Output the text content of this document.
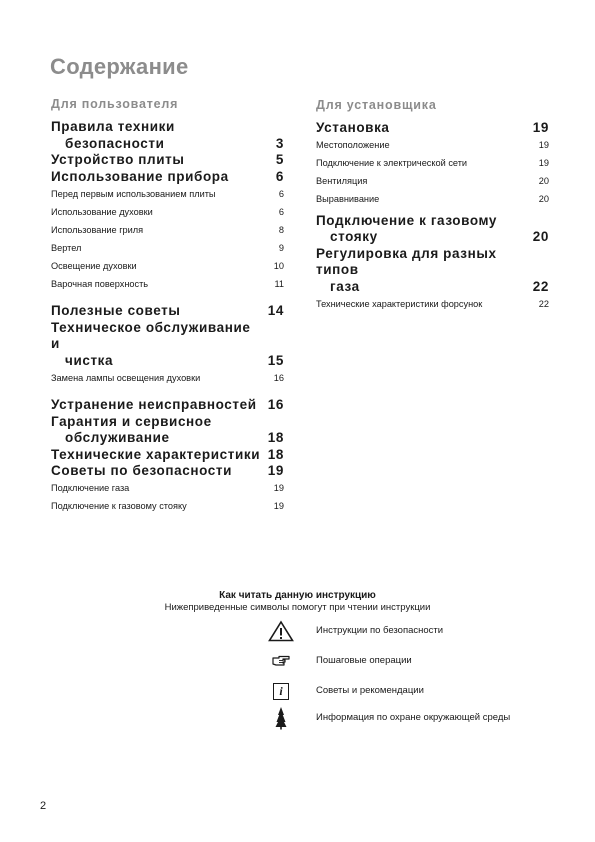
Содержание
Для пользователя
Правила техники
безопасности	3
Устройство плиты	5
Использование прибора	6
Перед первым использованием плиты	6
Использование духовки	6
Использование гриля	8
Вертел	9
Освещение духовки	10
Варочная поверхность	11
Полезные советы	14
Техническое обслуживание и
чистка	15
Замена лампы освещения духовки	16
Устранение неисправностей 16
Гарантия и сервисное
обслуживание	18
Технические характеристики 18
Советы по безопасности	19
Подключение газа	19
Подключение к газовому стояку	19
Для установщика
Установка	19
Местоположение	19
Подключение к электрической сети	19
Вентиляция	20
Выравнивание	20
Подключение к газовому
стояку	20
Регулировка для разных типов
газа	22
Технические характеристики форсунок	22
Как читать данную инструкцию
Нижеприведенные символы помогут при чтении инструкции
Инструкции по безопасности
Пошаговые операции
i	Советы и рекомендации
Информация по охране окружающей среды
2
